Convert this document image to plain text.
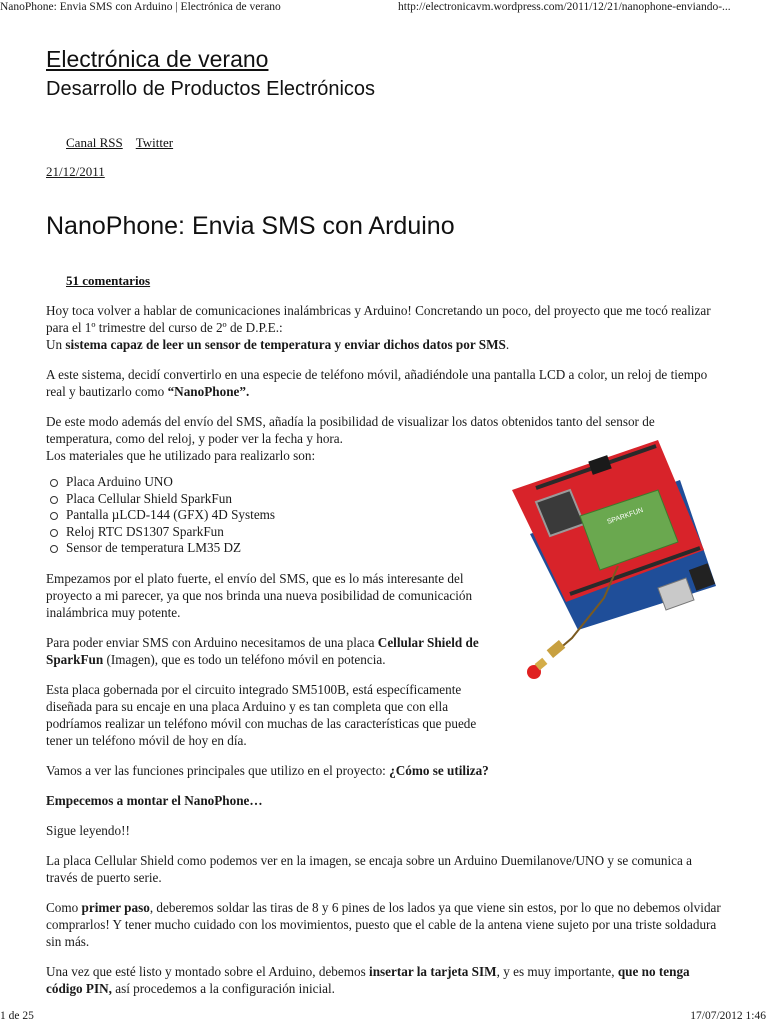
NanoPhone: Envia SMS con Arduino | Electrónica de verano	http://electronicavm.wordpress.com/2011/12/21/nanophone-enviando-...
Electrónica de verano
Desarrollo de Productos Electrónicos
Canal RSS Twitter
21/12/2011
NanoPhone: Envia SMS con Arduino
51 comentarios

Hoy toca volver a hablar de comunicaciones inalámbricas y Arduino! Concretando un poco, del proyecto que me tocó realizar para el 1º trimestre del curso de 2º de D.P.E.:
Un sistema capaz de leer un sensor de temperatura y enviar dichos datos por SMS.

A este sistema, decidí convertirlo en una especie de teléfono móvil, añadiéndole una pantalla LCD a color, un reloj de tiempo real y bautizarlo como “NanoPhone”.

De este modo además del envío del SMS, añadía la posibilidad de visualizar los datos obtenidos tanto del sensor de temperatura, como del reloj, y poder ver la fecha y hora.
Los materiales que he utilizado para realizarlo son:

Placa Arduino UNO
Placa Cellular Shield SparkFun
Pantalla µLCD-144 (GFX) 4D Systems
Reloj RTC DS1307 SparkFun
Sensor de temperatura LM35 DZ

Empezamos por el plato fuerte, el envío del SMS, que es lo más interesante del proyecto a mi parecer, ya que nos brinda una nueva posibilidad de comunicación inalámbrica muy potente.

Para poder enviar SMS con Arduino necesitamos de una placa Cellular Shield de SparkFun (Imagen), que es todo un teléfono móvil en potencia.

Esta placa gobernada por el circuito integrado SM5100B, está específicamente diseñada para su encaje en una placa Arduino y es tan completa que con ella podríamos realizar un teléfono móvil con muchas de las características que puede tener un teléfono móvil de hoy en día.

Vamos a ver las funciones principales que utilizo en el proyecto: ¿Cómo se utiliza?

Empecemos a montar el NanoPhone…

Sigue leyendo!!

La placa Cellular Shield como podemos ver en la imagen, se encaja sobre un Arduino Duemilanove/UNO y se comunica a través de puerto serie.

Como primer paso, deberemos soldar las tiras de 8 y 6 pines de los lados ya que viene sin estos, por lo que no debemos olvidar comprarlos! Y tener mucho cuidado con los movimientos, puesto que el cable de la antena viene sujeto por una triste soldadura sin más.

Una vez que esté listo y montado sobre el Arduino, debemos insertar la tarjeta SIM, y es muy importante, que no tenga código PIN, así procedemos a la configuración inicial.

SPARKFUN
1 de 25	17/07/2012 1:46
